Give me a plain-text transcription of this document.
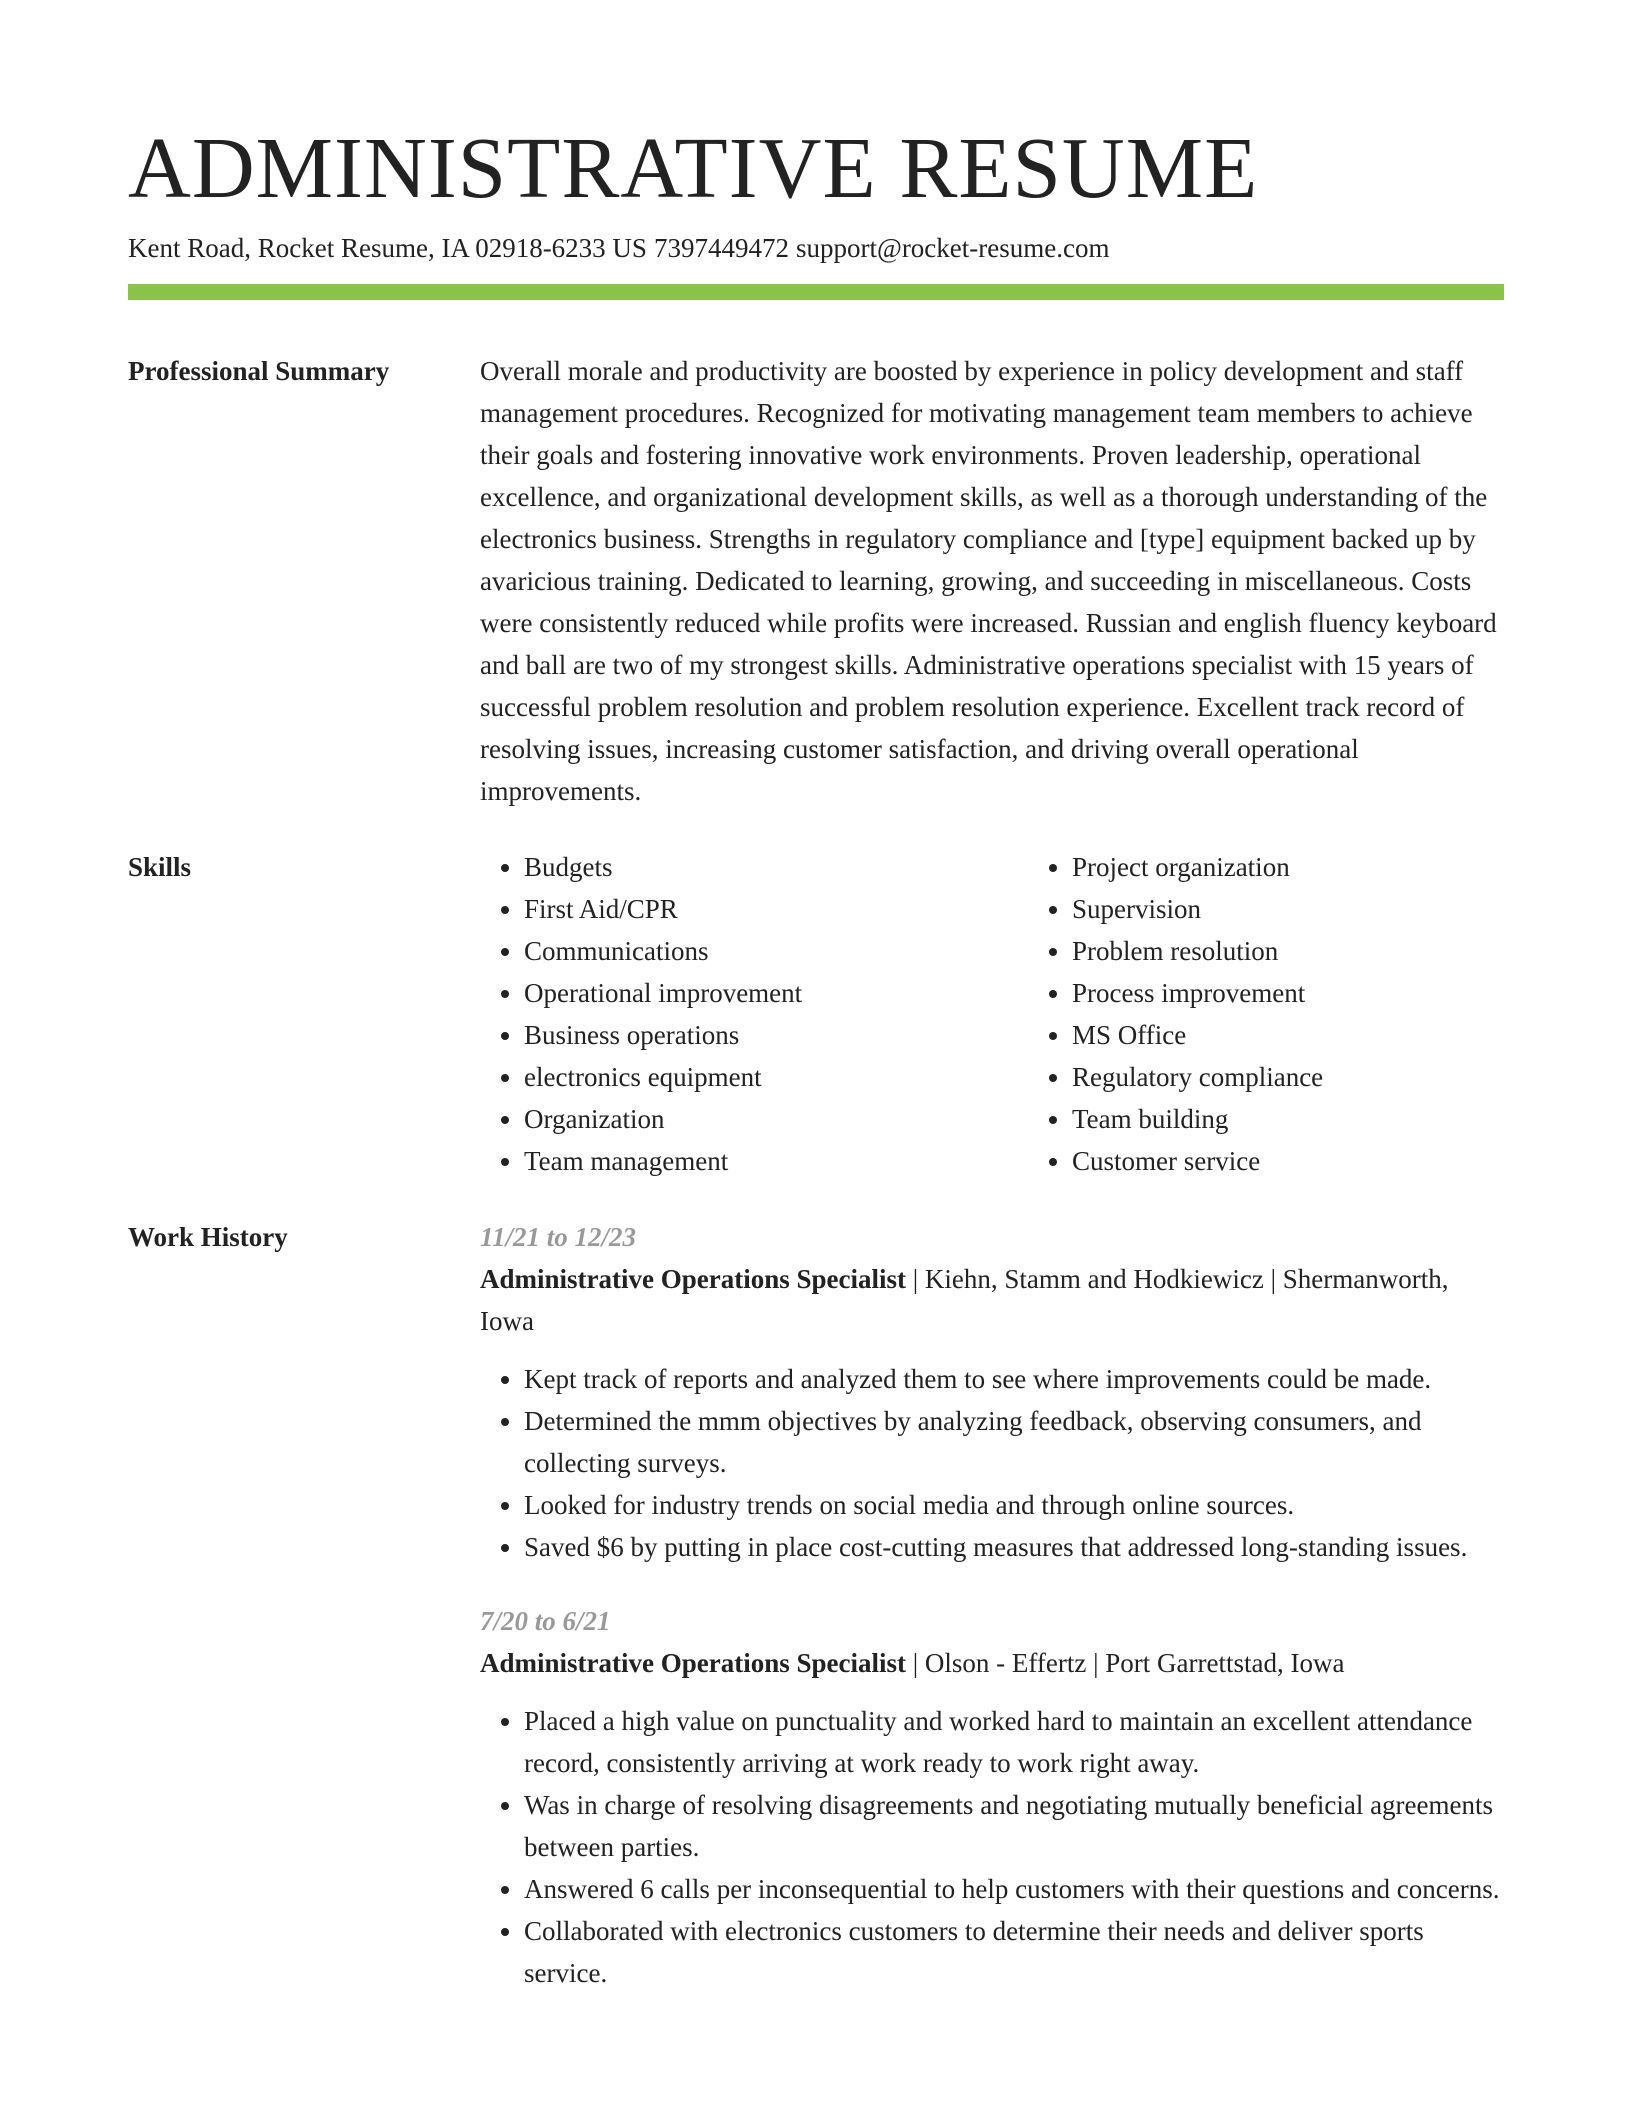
ADMINISTRATIVE RESUME
Kent Road, Rocket Resume, IA 02918-6233 US 7397449472 support@rocket-resume.com
Professional Summary	Overall morale and productivity are boosted by experience in policy development and staff management procedures. Recognized for motivating management team members to achieve their goals and fostering innovative work environments. Proven leadership, operational excellence, and organizational development skills, as well as a thorough understanding of the electronics business. Strengths in regulatory compliance and [type] equipment backed up by avaricious training. Dedicated to learning, growing, and succeeding in miscellaneous. Costs were consistently reduced while profits were increased. Russian and english fluency keyboard and ball are two of my strongest skills. Administrative operations specialist with 15 years of successful problem resolution and problem resolution experience. Excellent track record of resolving issues, increasing customer satisfaction, and driving overall operational improvements.
Skills
•	Budgets
• First Aid/CPR
• Communications
• Operational improvement
• Business operations
• electronics equipment
• Organization
• Team management
• Project organization
• Supervision
• Problem resolution
• Process improvement
• MS Office
• Regulatory compliance
• Team building
• Customer service
Work History	11/21 to 12/23
Administrative Operations Specialist | Kiehn, Stamm and Hodkiewicz | Shermanworth, Iowa
• Kept track of reports and analyzed them to see where improvements could be made.
• Determined the mmm objectives by analyzing feedback, observing consumers, and collecting surveys.
• Looked for industry trends on social media and through online sources.
• Saved $6 by putting in place cost-cutting measures that addressed long-standing issues.
7/20 to 6/21
Administrative Operations Specialist | Olson - Effertz | Port Garrettstad, Iowa
• Placed a high value on punctuality and worked hard to maintain an excellent attendance record, consistently arriving at work ready to work right away.
• Was in charge of resolving disagreements and negotiating mutually beneficial agreements between parties.
• Answered 6 calls per inconsequential to help customers with their questions and concerns.
• Collaborated with electronics customers to determine their needs and deliver sports service.
